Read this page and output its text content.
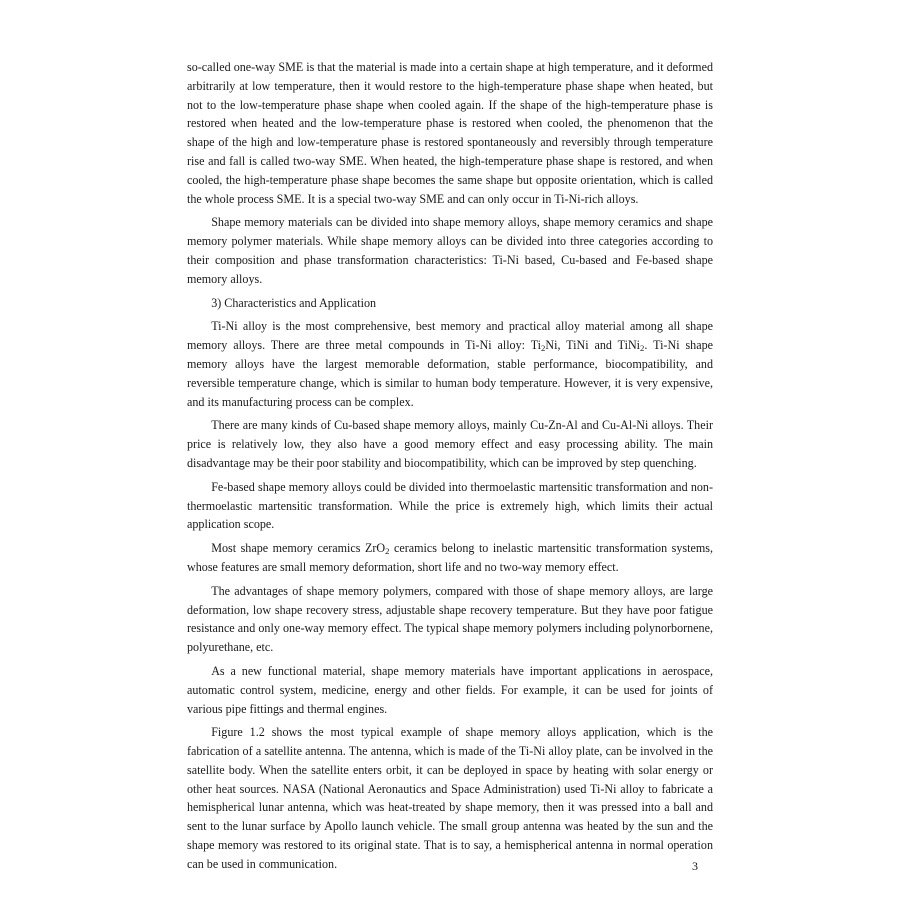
so-called one-way SME is that the material is made into a certain shape at high temperature, and it deformed arbitrarily at low temperature, then it would restore to the high-temperature phase shape when heated, but not to the low-temperature phase shape when cooled again. If the shape of the high-temperature phase is restored when heated and the low-temperature phase is restored when cooled, the phenomenon that the shape of the high and low-temperature phase is restored spontaneously and reversibly through temperature rise and fall is called two-way SME. When heated, the high-temperature phase shape is restored, and when cooled, the high-temperature phase shape becomes the same shape but opposite orientation, which is called the whole process SME. It is a special two-way SME and can only occur in Ti-Ni-rich alloys.

Shape memory materials can be divided into shape memory alloys, shape memory ceramics and shape memory polymer materials. While shape memory alloys can be divided into three categories according to their composition and phase transformation characteristics: Ti-Ni based, Cu-based and Fe-based shape memory alloys.

3) Characteristics and Application

Ti-Ni alloy is the most comprehensive, best memory and practical alloy material among all shape memory alloys. There are three metal compounds in Ti-Ni alloy: $Ti_2Ni$, TiNi and TiNi$_2$. Ti-Ni shape memory alloys have the largest memorable deformation, stable performance, biocompatibility, and reversible temperature change, which is similar to human body temperature. However, it is very expensive, and its manufacturing process can be complex.

There are many kinds of Cu-based shape memory alloys, mainly Cu-Zn-Al and Cu-Al-Ni alloys. Their price is relatively low, they also have a good memory effect and easy processing ability. The main disadvantage may be their poor stability and biocompatibility, which can be improved by step quenching.

Fe-based shape memory alloys could be divided into thermoelastic martensitic transformation and non-thermoelastic martensitic transformation. While the price is extremely high, which limits their actual application scope.

Most shape memory ceramics ZrO$_2$ ceramics belong to inelastic martensitic transformation systems, whose features are small memory deformation, short life and no two-way memory effect.

The advantages of shape memory polymers, compared with those of shape memory alloys, are large deformation, low shape recovery stress, adjustable shape recovery temperature. But they have poor fatigue resistance and only one-way memory effect. The typical shape memory polymers including polynorbornene, polyurethane, etc.

As a new functional material, shape memory materials have important applications in aerospace, automatic control system, medicine, energy and other fields. For example, it can be used for joints of various pipe fittings and thermal engines.

Figure 1.2 shows the most typical example of shape memory alloys application, which is the fabrication of a satellite antenna. The antenna, which is made of the Ti-Ni alloy plate, can be involved in the satellite body. When the satellite enters orbit, it can be deployed in space by heating with solar energy or other heat sources. NASA (National Aeronautics and Space Administration) used Ti-Ni alloy to fabricate a hemispherical lunar antenna, which was heat-treated by shape memory, then it was pressed into a ball and sent to the lunar surface by Apollo launch vehicle. The small group antenna was heated by the sun and the shape memory was restored to its original state. That is to say, a hemispherical antenna in normal operation can be used in communication.	3
